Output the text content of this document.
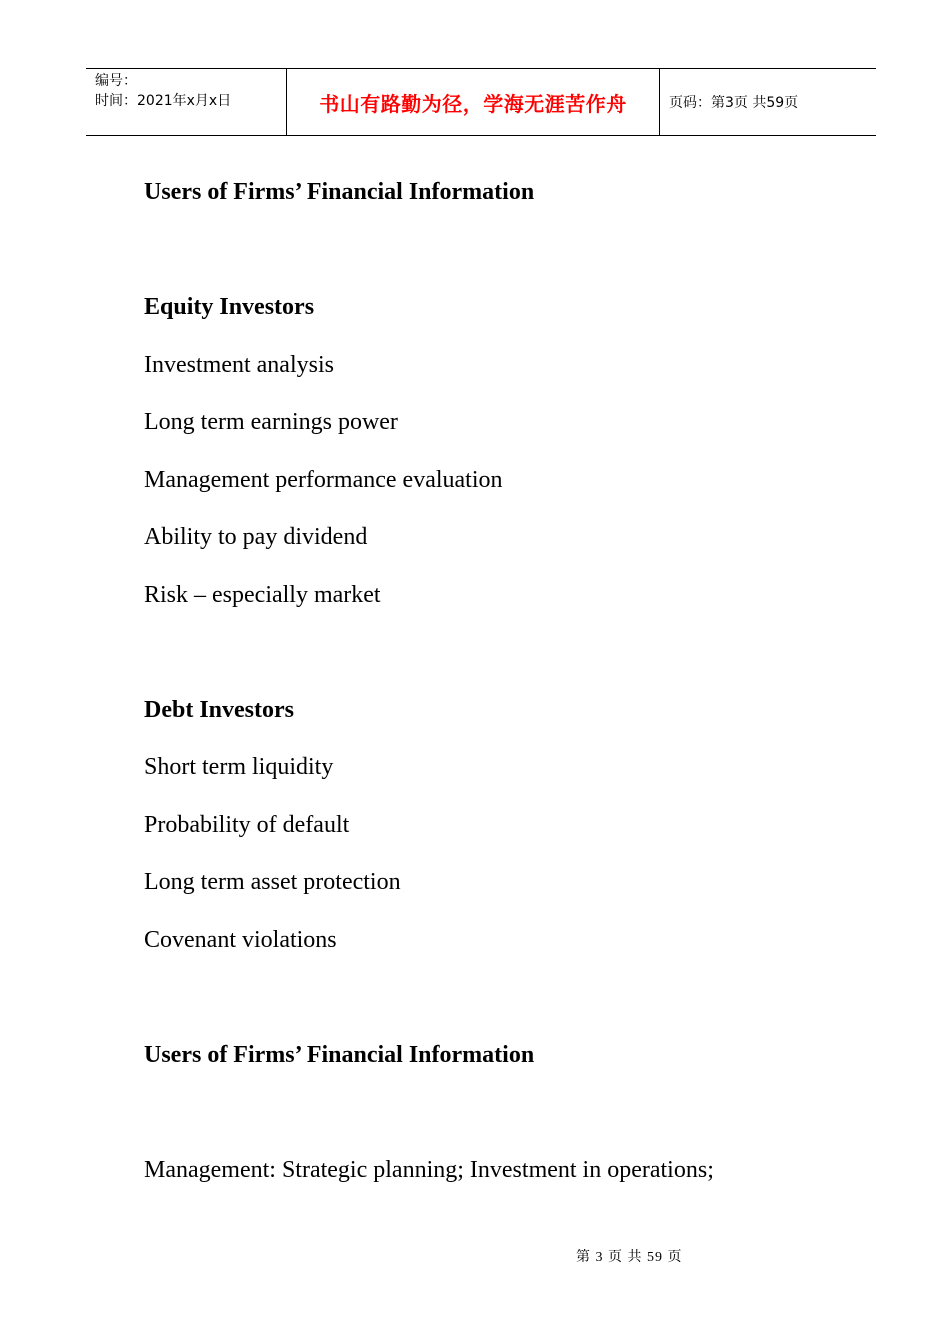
编号：
时间：2021年x月x日	书山有路勤为径，学海无涯苦作舟	页码：第3页 共59页

Users of Firms’ Financial Information

Equity Investors

Investment analysis

Long term earnings power

Management performance evaluation

Ability to pay dividend

Risk – especially market

Debt Investors

Short term liquidity

Probability of default

Long term asset protection

Covenant violations

Users of Firms’ Financial Information

Management: Strategic planning; Investment in operations;

第 3 页 共 59 页
